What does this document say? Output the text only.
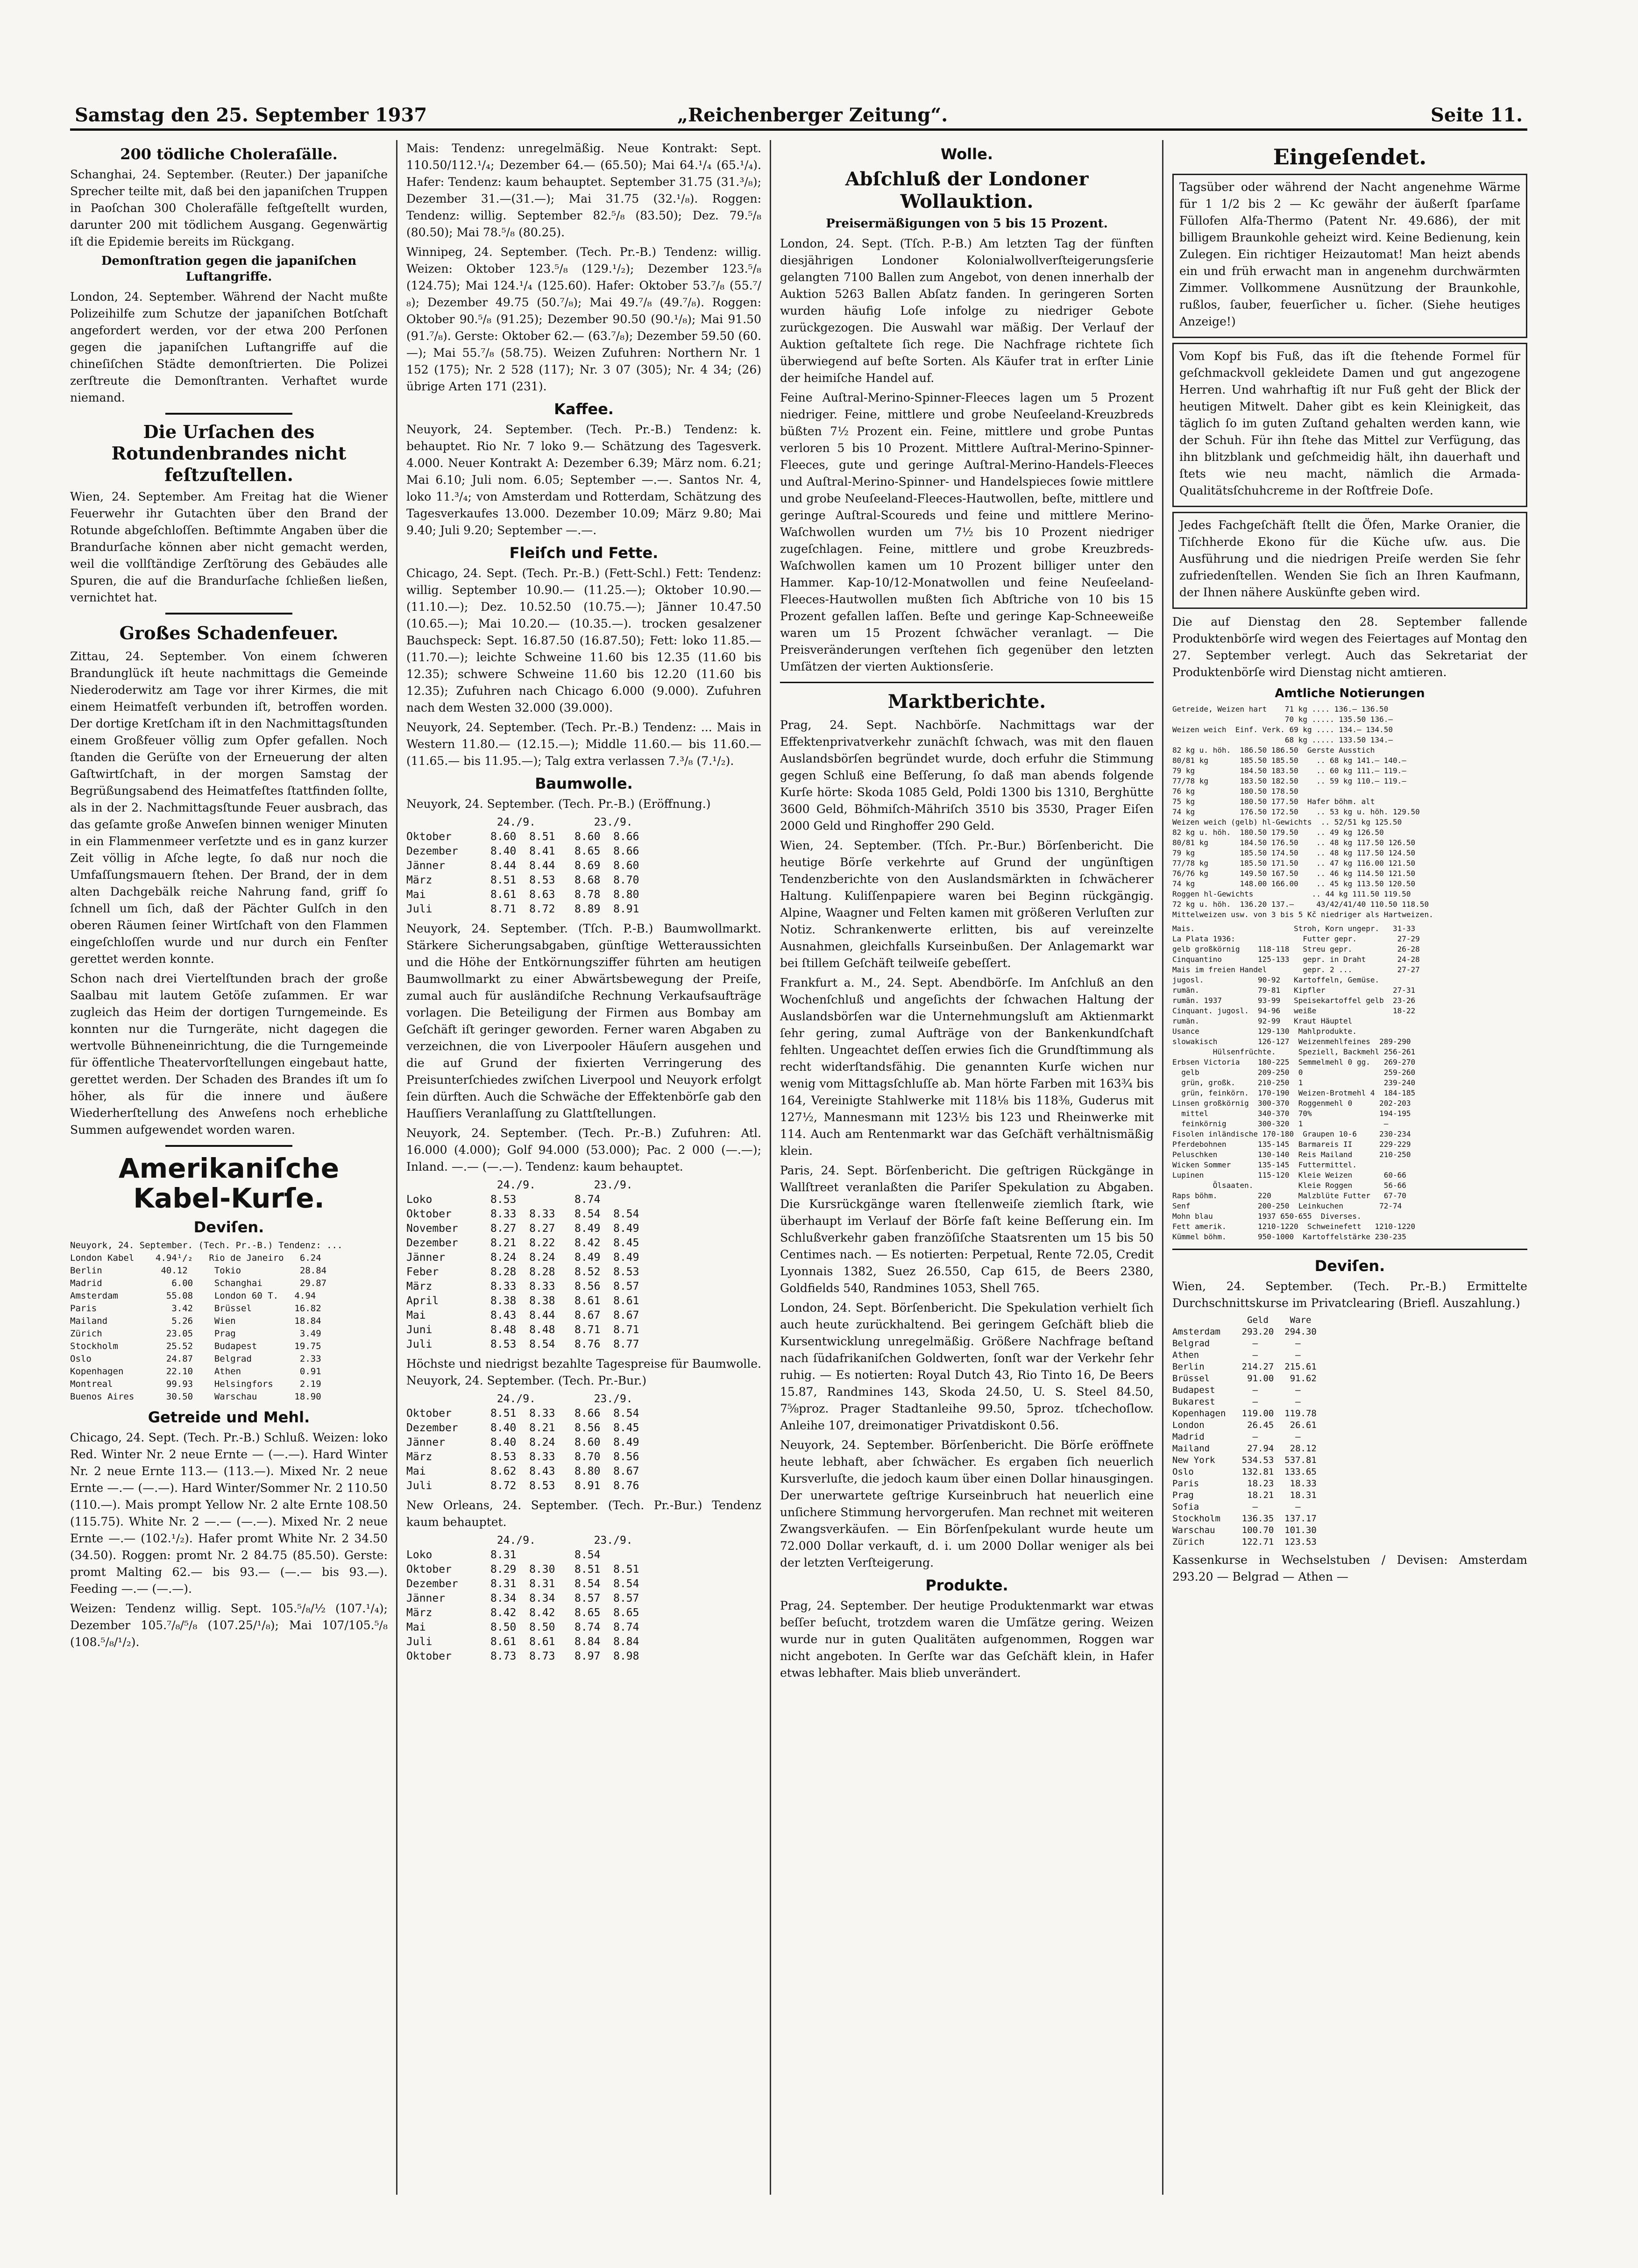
Samstag den 25. September 1937	„Reichenberger Zeitung“.	Seite 11.
200 tödliche Choleraſälle.

Schanghai, 24. September. (Reuter.) Der japaniſche Sprecher teilte mit, daß bei den japaniſchen Truppen in Paoſchan 300 Cholerafälle feſtgeſtellt wurden, darunter 200 mit tödlichem Ausgang. Gegenwärtig iſt die Epidemie bereits im Rückgang.

Demonſtration gegen die japaniſchen Luftangriffe.

London, 24. September. Während der Nacht mußte Polizeihilfe zum Schutze der japaniſchen Botſchaft angefordert werden, vor der etwa 200 Perſonen gegen die japaniſchen Luftangriffe auf die chineſiſchen Städte demonſtrierten. Die Polizei zerſtreute die Demonſtranten. Verhaftet wurde niemand.

Die Urſachen des Rotundenbrandes nicht feſtzuſtellen.

Wien, 24. September. Am Freitag hat die Wiener Feuerwehr ihr Gutachten über den Brand der Rotunde abgeſchloſſen. Beſtimmte Angaben über die Brandurſache können aber nicht gemacht werden, weil die vollſtändige Zerſtörung des Gebäudes alle Spuren, die auf die Brandurſache ſchließen ließen, vernichtet hat.

Großes Schadenfeuer.

Zittau, 24. September. Von einem ſchweren Brandunglück iſt heute nachmittags die Gemeinde Niederoderwitz am Tage vor ihrer Kirmes, die mit einem Heimatfeſt verbunden iſt, betroffen worden. Der dortige Kretſcham iſt in den Nachmittagsſtunden einem Großfeuer völlig zum Opfer gefallen. Noch ſtanden die Gerüſte von der Erneuerung der alten Gaſtwirtſchaft, in der morgen Samstag der Begrüßungsabend des Heimatfeſtes ſtattfinden ſollte, als in der 2. Nachmittagsſtunde Feuer ausbrach, das das geſamte große Anweſen binnen weniger Minuten in ein Flammenmeer verſetzte und es in ganz kurzer Zeit völlig in Aſche legte, ſo daß nur noch die Umfaſſungsmauern ſtehen. Der Brand, der in dem alten Dachgebälk reiche Nahrung fand, griff ſo ſchnell um ſich, daß der Pächter Gulſch in den oberen Räumen ſeiner Wirtſchaft von den Flammen eingeſchloſſen wurde und nur durch ein Fenſter gerettet werden konnte.

Schon nach drei Viertelſtunden brach der große Saalbau mit lautem Getöſe zuſammen. Er war zugleich das Heim der dortigen Turngemeinde. Es konnten nur die Turngeräte, nicht dagegen die wertvolle Bühneneinrichtung, die die Turngemeinde für öffentliche Theatervorſtellungen eingebaut hatte, gerettet werden. Der Schaden des Brandes iſt um ſo höher, als für die innere und äußere Wiederherſtellung des Anweſens noch erhebliche Summen aufgewendet worden waren.

Amerikaniſche Kabel-Kurſe.
Deviſen.
Neuyork, 24. September. (Tech. Pr.-B.) Tendenz: ...
London Kabel    4.94¹/₂   Rio de Janeiro   6.24
Berlin           40.12     Tokio           28.84
Madrid             6.00    Schanghai       29.87
Amsterdam         55.08    London 60 T.   4.94
Paris              3.42    Brüssel        16.82
Mailand            5.26    Wien           18.84
Zürich            23.05    Prag            3.49
Stockholm         25.52    Budapest       19.75
Oslo              24.87    Belgrad         2.33
Kopenhagen        22.10    Athen           0.91
Montreal          99.93    Helsingfors     2.19
Buenos Aires      30.50    Warschau       18.90
Getreide und Mehl.

Chicago, 24. Sept. (Tech. Pr.-B.) Schluß. Weizen: loko Red. Winter Nr. 2 neue Ernte — (—.—). Hard Winter Nr. 2 neue Ernte 113.— (113.—). Mixed Nr. 2 neue Ernte —.— (—.—). Hard Winter/Sommer Nr. 2 110.50 (110.—). Mais prompt Yellow Nr. 2 alte Ernte 108.50 (115.75). White Nr. 2 —.— (—.—). Mixed Nr. 2 neue Ernte —.— (102.¹/₂). Hafer promt White Nr. 2 34.50 (34.50). Roggen: promt Nr. 2 84.75 (85.50). Gerste: promt Malting 62.— bis 93.— (—.— bis 93.—). Feeding —.— (—.—).

Weizen: Tendenz willig. Sept. 105.⁵/₈/½ (107.¹/₄); Dezember 105.⁷/₈/⁵/₈ (107.25/¹/₈); Mai 107/105.⁵/₈ (108.⁵/₈/¹/₂).

Mais: Tendenz: unregelmäßig. Neue Kontrakt: Sept. 110.50/112.¹/₄; Dezember 64.— (65.50); Mai 64.¹/₄ (65.¹/₄). Hafer: Tendenz: kaum behauptet. September 31.75 (31.³/₈); Dezember 31.—(31.—); Mai 31.75 (32.¹/₈). Roggen: Tendenz: willig. September 82.⁵/₈ (83.50); Dez. 79.⁵/₈ (80.50); Mai 78.⁵/₈ (80.25).

Winnipeg, 24. September. (Tech. Pr.-B.) Tendenz: willig. Weizen: Oktober 123.⁵/₈ (129.¹/₂); Dezember 123.⁵/₈ (124.75); Mai 124.¹/₄ (125.60). Hafer: Oktober 53.⁷/₈ (55.⁷/₈); Dezember 49.75 (50.⁷/₈); Mai 49.⁷/₈ (49.⁷/₈). Roggen: Oktober 90.⁵/₈ (91.25); Dezember 90.50 (90.¹/₈); Mai 91.50 (91.⁷/₈). Gerste: Oktober 62.— (63.⁷/₈); Dezember 59.50 (60.—); Mai 55.⁷/₈ (58.75). Weizen Zufuhren: Northern Nr. 1 152 (175); Nr. 2 528 (117); Nr. 3 07 (305); Nr. 4 34; (26) übrige Arten 171 (231).

Kaffee.

Neuyork, 24. September. (Tech. Pr.-B.) Tendenz: k. behauptet. Rio Nr. 7 loko 9.— Schätzung des Tagesverk. 4.000. Neuer Kontrakt A: Dezember 6.39; März nom. 6.21; Mai 6.10; Juli nom. 6.05; September —.—. Santos Nr. 4, loko 11.³/₄; von Amsterdam und Rotterdam, Schätzung des Tagesverkaufes 13.000. Dezember 10.09; März 9.80; Mai 9.40; Juli 9.20; September —.—.

Fleiſch und Fette.

Chicago, 24. Sept. (Tech. Pr.-B.) (Fett-Schl.) Fett: Tendenz: willig. September 10.90.— (11.25.—); Oktober 10.90.— (11.10.—); Dez. 10.52.50 (10.75.—); Jänner 10.47.50 (10.65.—); Mai 10.20.— (10.35.—). trocken gesalzener Bauchspeck: Sept. 16.87.50 (16.87.50); Fett: loko 11.85.— (11.70.—); leichte Schweine 11.60 bis 12.35 (11.60 bis 12.35); schwere Schweine 11.60 bis 12.20 (11.60 bis 12.35); Zufuhren nach Chicago 6.000 (9.000). Zufuhren nach dem Westen 32.000 (39.000).

Neuyork, 24. September. (Tech. Pr.-B.) Tendenz: ... Mais in Western 11.80.— (12.15.—); Middle 11.60.— bis 11.60.— (11.65.— bis 11.95.—); Talg extra verlassen 7.³/₈ (7.¹/₂).

Baumwolle.

Neuyork, 24. September. (Tech. Pr.-B.) (Eröffnung.)

24./9.         23./9.
Oktober      8.60  8.51   8.60  8.66
Dezember     8.40  8.41   8.65  8.66
Jänner       8.44  8.44   8.69  8.60
März         8.51  8.53   8.68  8.70
Mai          8.61  8.63   8.78  8.80
Juli         8.71  8.72   8.89  8.91

Neuyork, 24. September. (Tſch. P.-B.) Baumwollmarkt. Stärkere Sicherungsabgaben, günſtige Wetteraussichten und die Höhe der Entkörnungsziffer führten am heutigen Baumwollmarkt zu einer Abwärtsbewegung der Preiſe, zumal auch für ausländiſche Rechnung Verkaufsaufträge vorlagen. Die Beteiligung der Firmen aus Bombay am Geſchäft iſt geringer geworden. Ferner waren Abgaben zu verzeichnen, die von Liverpooler Häuſern ausgehen und die auf Grund der fixierten Verringerung des Preisunterſchiedes zwiſchen Liverpool und Neuyork erfolgt ſein dürften. Auch die Schwäche der Effektenbörſe gab den Hauſſiers Veranlaſſung zu Glattſtellungen.

Neuyork, 24. September. (Tech. Pr.-B.) Zufuhren: Atl. 16.000 (4.000); Golf 94.000 (53.000); Pac. 2 000 (—.—); Inland. —.— (—.—). Tendenz: kaum behauptet.

24./9.         23./9.
Loko         8.53         8.74
Oktober      8.33  8.33   8.54  8.54
November     8.27  8.27   8.49  8.49
Dezember     8.21  8.22   8.42  8.45
Jänner       8.24  8.24   8.49  8.49
Feber        8.28  8.28   8.52  8.53
März         8.33  8.33   8.56  8.57
April        8.38  8.38   8.61  8.61
Mai          8.43  8.44   8.67  8.67
Juni         8.48  8.48   8.71  8.71
Juli         8.53  8.54   8.76  8.77

Höchste und niedrigst bezahlte Tagespreise für Baumwolle. Neuyork, 24. September. (Tech. Pr.-Bur.)

24./9.         23./9.
Oktober      8.51  8.33   8.66  8.54
Dezember     8.40  8.21   8.56  8.45
Jänner       8.40  8.24   8.60  8.49
März         8.53  8.33   8.70  8.56
Mai          8.62  8.43   8.80  8.67
Juli         8.72  8.53   8.91  8.76

New Orleans, 24. September. (Tech. Pr.-Bur.) Tendenz kaum behauptet.

24./9.         23./9.
Loko         8.31         8.54
Oktober      8.29  8.30   8.51  8.51
Dezember     8.31  8.31   8.54  8.54
Jänner       8.34  8.34   8.57  8.57
März         8.42  8.42   8.65  8.65
Mai          8.50  8.50   8.74  8.74
Juli         8.61  8.61   8.84  8.84
Oktober      8.73  8.73   8.97  8.98
Wolle.
Abſchluß der Londoner Wollauktion.
Preisermäßigungen von 5 bis 15 Prozent.

London, 24. Sept. (Tſch. P.-B.) Am letzten Tag der fünften diesjährigen Londoner Kolonialwollverſteigerungsſerie gelangten 7100 Ballen zum Angebot, von denen innerhalb der Auktion 5263 Ballen Abſatz fanden. In geringeren Sorten wurden häufig Loſe infolge zu niedriger Gebote zurückgezogen. Die Auswahl war mäßig. Der Verlauf der Auktion geſtaltete ſich rege. Die Nachfrage richtete ſich überwiegend auf beſte Sorten. Als Käufer trat in erſter Linie der heimiſche Handel auf.

Feine Auſtral-Merino-Spinner-Fleeces lagen um 5 Prozent niedriger. Feine, mittlere und grobe Neuſeeland-Kreuzbreds büßten 7½ Prozent ein. Feine, mittlere und grobe Puntas verloren 5 bis 10 Prozent. Mittlere Auſtral-Merino-Spinner-Fleeces, gute und geringe Auſtral-Merino-Handels-Fleeces und Auſtral-Merino-Spinner- und Handelspieces ſowie mittlere und grobe Neuſeeland-Fleeces-Hautwollen, beſte, mittlere und geringe Auſtral-Scoureds und feine und mittlere Merino-Waſchwollen wurden um 7½ bis 10 Prozent niedriger zugeſchlagen. Feine, mittlere und grobe Kreuzbreds-Waſchwollen kamen um 10 Prozent billiger unter den Hammer. Kap-10/12-Monatwollen und feine Neuſeeland-Fleeces-Hautwollen mußten ſich Abſtriche von 10 bis 15 Prozent gefallen laſſen. Beſte und geringe Kap-Schneeweiße waren um 15 Prozent ſchwächer veranlagt. — Die Preisveränderungen verſtehen ſich gegenüber den letzten Umſätzen der vierten Auktionsſerie.

Marktberichte.

Prag, 24. Sept. Nachbörſe. Nachmittags war der Effektenprivatverkehr zunächſt ſchwach, was mit den flauen Auslandsbörſen begründet wurde, doch erfuhr die Stimmung gegen Schluß eine Beſſerung, ſo daß man abends folgende Kurſe hörte: Skoda 1085 Geld, Poldi 1300 bis 1310, Berghütte 3600 Geld, Böhmiſch-Mähriſch 3510 bis 3530, Prager Eiſen 2000 Geld und Ringhoffer 290 Geld.

Wien, 24. September. (Tſch. Pr.-Bur.) Börſenbericht. Die heutige Börſe verkehrte auf Grund der ungünſtigen Tendenzberichte von den Auslandsmärkten in ſchwächerer Haltung. Kuliſſenpapiere waren bei Beginn rückgängig. Alpine, Waagner und Felten kamen mit größeren Verluſten zur Notiz. Schrankenwerte erlitten, bis auf vereinzelte Ausnahmen, gleichfalls Kurseinbußen. Der Anlagemarkt war bei ſtillem Geſchäft teilweiſe gebeſſert.

Frankfurt a. M., 24. Sept. Abendbörſe. Im Anſchluß an den Wochenſchluß und angeſichts der ſchwachen Haltung der Auslandsbörſen war die Unternehmungsluſt am Aktienmarkt ſehr gering, zumal Aufträge von der Bankenkundſchaft fehlten. Ungeachtet deſſen erwies ſich die Grundſtimmung als recht widerſtandsfähig. Die genannten Kurſe wichen nur wenig vom Mittagsſchluſſe ab. Man hörte Farben mit 163¾ bis 164, Vereinigte Stahlwerke mit 118⅛ bis 118⅜, Guderus mit 127½, Mannesmann mit 123½ bis 123 und Rheinwerke mit 114. Auch am Rentenmarkt war das Geſchäft verhältnismäßig klein.

Paris, 24. Sept. Börſenbericht. Die geſtrigen Rückgänge in Wallſtreet veranlaßten die Pariſer Spekulation zu Abgaben. Die Kursrückgänge waren ſtellenweiſe ziemlich ſtark, wie überhaupt im Verlauf der Börſe faſt keine Beſſerung ein. Im Schlußverkehr gaben franzöſiſche Staatsrenten um 15 bis 50 Centimes nach. — Es notierten: Perpetual, Rente 72.05, Credit Lyonnais 1382, Suez 26.550, Cap 615, de Beers 2380, Goldfields 540, Randmines 1053, Shell 765.

London, 24. Sept. Börſenbericht. Die Spekulation verhielt ſich auch heute zurückhaltend. Bei geringem Geſchäft blieb die Kursentwicklung unregelmäßig. Größere Nachfrage beſtand nach ſüdafrikaniſchen Goldwerten, ſonſt war der Verkehr ſehr ruhig. — Es notierten: Royal Dutch 43, Rio Tinto 16, De Beers 15.87, Randmines 143, Skoda 24.50, U. S. Steel 84.50, 7⅝proz. Prager Stadtanleihe 99.50, 5proz. tſchechoſlow. Anleihe 107, dreimonatiger Privatdiskont 0.56.

Neuyork, 24. September. Börſenbericht. Die Börſe eröffnete heute lebhaft, aber ſchwächer. Es ergaben ſich neuerlich Kursverluſte, die jedoch kaum über einen Dollar hinausgingen. Der unerwartete geſtrige Kurseinbruch hat neuerlich eine unſichere Stimmung hervorgerufen. Man rechnet mit weiteren Zwangsverkäufen. — Ein Börſenſpekulant wurde heute um 72.000 Dollar verkauft, d. i. um 2000 Dollar weniger als bei der letzten Verſteigerung.

Produkte.

Prag, 24. September. Der heutige Produktenmarkt war etwas beſſer beſucht, trotzdem waren die Umſätze gering. Weizen wurde nur in guten Qualitäten aufgenommen, Roggen war nicht angeboten. In Gerſte war das Geſchäft klein, in Hafer etwas lebhafter. Mais blieb unverändert.

Eingeſendet.

Tagsüber oder während der Nacht angenehme Wärme für 1 1/2 bis 2 — Kc gewähr der äußerſt ſparſame Füllofen Alfa-Thermo (Patent Nr. 49.686), der mit billigem Braunkohle geheizt wird. Keine Bedienung, kein Zulegen. Ein richtiger Heizautomat! Man heizt abends ein und früh erwacht man in angenehm durchwärmten Zimmer. Vollkommene Ausnützung der Braunkohle, rußlos, ſauber, feuerſicher u. ſicher. (Siehe heutiges Anzeige!)

Vom Kopf bis Fuß, das iſt die ſtehende Formel für geſchmackvoll gekleidete Damen und gut angezogene Herren. Und wahrhaftig iſt nur Fuß geht der Blick der heutigen Mitwelt. Daher gibt es kein Kleinigkeit, das täglich ſo im guten Zuſtand gehalten werden kann, wie der Schuh. Für ihn ſtehe das Mittel zur Verfügung, das ihn blitzblank und geſchmeidig hält, ihn dauerhaft und ſtets wie neu macht, nämlich die Armada-Qualitätsſchuhcreme in der Roſtfreie Doſe.

Jedes Fachgeſchäft ſtellt die Öfen, Marke Oranier, die Tiſchherde Ekono für die Küche uſw. aus. Die Ausführung und die niedrigen Preiſe werden Sie ſehr zufriedenſtellen. Wenden Sie ſich an Ihren Kaufmann, der Ihnen nähere Auskünfte geben wird.

Die auf Dienstag den 28. September fallende Produktenbörſe wird wegen des Feiertages auf Montag den 27. September verlegt. Auch das Sekretariat der Produktenbörſe wird Dienstag nicht amtieren.

Amtliche Notierungen
Getreide, Weizen hart    71 kg .... 136.— 136.50
70 kg ..... 135.50 136.—
Weizen weich  Einf. Verk. 69 kg .... 134.— 134.50
68 kg ..... 133.50 134.—
82 kg u. höh.  186.50 186.50  Gerste Ausstich
80/81 kg       185.50 185.50    .. 68 kg 141.— 140.—
79 kg          184.50 183.50    .. 60 kg 111.— 119.—
77/78 kg       183.50 182.50    .. 59 kg 110.— 119.—
76 kg          180.50 178.50
75 kg          180.50 177.50  Hafer böhm. alt
74 kg          176.50 172.50    .. 53 kg u. höh. 129.50
Weizen weich (gelb) hl-Gewichts  .. 52/51 kg 125.50
82 kg u. höh.  180.50 179.50    .. 49 kg 126.50
80/81 kg       184.50 176.50    .. 48 kg 117.50 126.50
79 kg          185.50 174.50    .. 48 kg 117.50 124.50
77/78 kg       185.50 171.50    .. 47 kg 116.00 121.50
76/76 kg       149.50 167.50    .. 46 kg 114.50 121.50
74 kg          148.00 166.00    .. 45 kg 113.50 120.50
Roggen hl-Gewichts             .. 44 kg 111.50 119.50
72 kg u. höh.  136.20 137.—     43/42/41/40 110.50 118.50
Mittelweizen usw. von 3 bis 5 Kč niedriger als Hartweizen.
Mais.                      Stroh, Korn ungepr.   31-33
La Plata 1936:               Futter gepr.         27-29
gelb großkörnig    118-118   Streu gepr.          26-28
Cinquantino        125-133   gepr. in Draht       24-28
Mais im freien Handel        gepr. 2 ...          27-27
jugosl.            90-92   Kartoffeln, Gemüse.
rumän.             79-81   Kipfler               27-31
rumän. 1937        93-99   Speisekartoffel gelb  23-26
Cinquant. jugosl.  94-96   weiße                 18-22
rumän.             92-99   Kraut Häuptel
Usance             129-130  Mahlprodukte.
slowakisch         126-127  Weizenmehlfeines  289-290
Hülsenfrüchte.     Speziell, Backmehl 256-261
Erbsen Victoria    180-225  Semmelmehl 0 gg.   269-270
gelb             209-250  0                  259-260
grün, großk.     210-250  1                  239-240
grün, feinkörn.  170-190  Weizen-Brotmehl 4  184-185
Linsen großkörnig  300-370  Roggenmehl 0      202-203
mittel           340-370  70%               194-195
feinkörnig       300-320  1                  —
Fisolen inländische 170-180  Graupen 10-6     230-234
Pferdebohnen       135-145  Barmareis II      229-229
Peluschken         130-140  Reis Mailand      210-250
Wicken Sommer      135-145  Futtermittel.
Lupinen            115-120  Kleie Weizen       60-66
Ölsaaten.          Kleie Roggen       56-66
Raps böhm.         220      Malzblüte Futter   67-70
Senf               200-250  Leinkuchen        72-74
Mohn blau          1937 650-655  Diverses.
Fett amerik.       1210-1220  Schweinefett   1210-1220
Kümmel böhm.       950-1000  Kartoffelstärke 230-235
Deviſen.

Wien, 24. September. (Tech. Pr.-B.) Ermittelte Durchschnittskurse im Privatclearing (Briefl. Auszahlung.)

Geld    Ware
Amsterdam    293.20  294.30
Belgrad        —       —
Athen          —       —
Berlin       214.27  215.61
Brüssel       91.00   91.62
Budapest       —       —
Bukarest       —       —
Kopenhagen   119.00  119.78
London        26.45   26.61
Madrid         —       —
Mailand       27.94   28.12
New York     534.53  537.81
Oslo         132.81  133.65
Paris         18.23   18.33
Prag          18.21   18.31
Sofia          —       —
Stockholm    136.35  137.17
Warschau     100.70  101.30
Zürich       122.71  123.53

Kassenkurse in Wechselstuben / Devisen: Amsterdam 293.20 — Belgrad — Athen —
